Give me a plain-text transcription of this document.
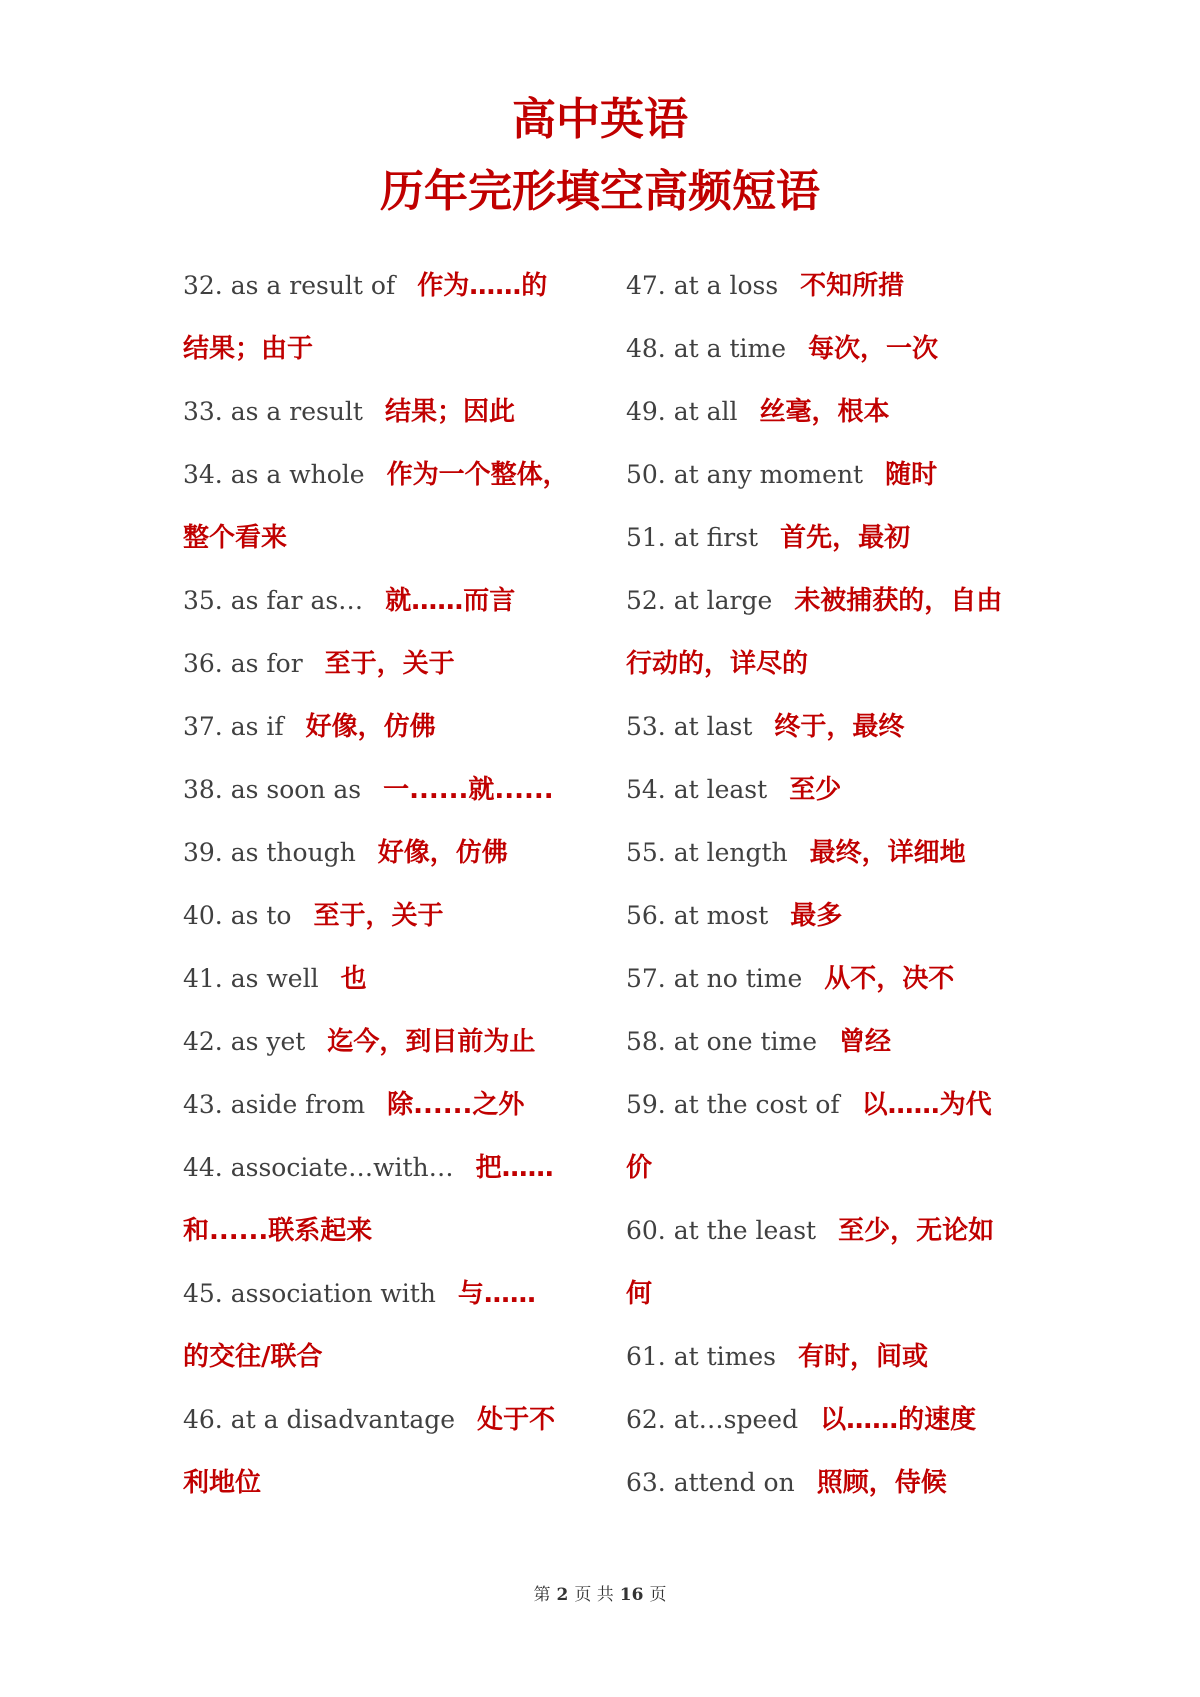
高中英语
历年完形填空高频短语
32. as a result of 作为……的
结果；由于
33. as a result 结果；因此
34. as a whole 作为一个整体，
整个看来
35. as far as… 就……而言
36. as for 至于，关于
37. as if 好像，仿佛
38. as soon as 一......就......
39. as though 好像，仿佛
40. as to 至于，关于
41. as well 也
42. as yet 迄今，到目前为止
43. aside from 除......之外
44. associate…with… 把……
和......联系起来
45. association with 与……
的交往/联合
46. at a disadvantage 处于不
利地位
47. at a loss 不知所措
48. at a time 每次，一次
49. at all 丝毫，根本
50. at any moment 随时
51. at first 首先，最初
52. at large 未被捕获的，自由
行动的，详尽的
53. at last 终于，最终
54. at least 至少
55. at length 最终，详细地
56. at most 最多
57. at no time 从不，决不
58. at one time 曾经
59. at the cost of 以……为代
价
60. at the least 至少，无论如
何
61. at times 有时，间或
62. at…speed 以……的速度
63. attend on 照顾，侍候
第 2 页 共 16 页
